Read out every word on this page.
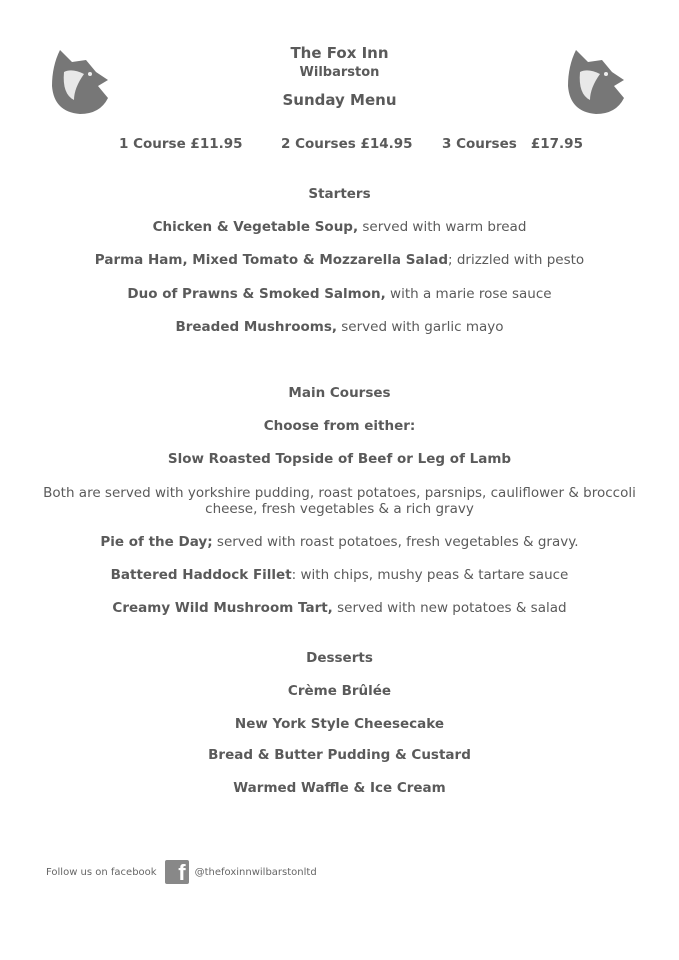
The Fox Inn
Wilbarston
Sunday Menu
1 Course £11.95	2 Courses £14.95 3 Courses   £17.95
Starters
Chicken & Vegetable Soup, served with warm bread
Parma Ham, Mixed Tomato & Mozzarella Salad; drizzled with pesto
Duo of Prawns & Smoked Salmon, with a marie rose sauce
Breaded Mushrooms, served with garlic mayo
Main Courses
Choose from either:
Slow Roasted Topside of Beef or Leg of Lamb
Both are served with yorkshire pudding, roast potatoes, parsnips, cauliflower & broccoli
cheese, fresh vegetables & a rich gravy
Pie of the Day; served with roast potatoes, fresh vegetables & gravy.
Battered Haddock Fillet: with chips, mushy peas & tartare sauce
Creamy Wild Mushroom Tart, served with new potatoes & salad
Desserts
Crème Brûlée
New York Style Cheesecake
Bread & Butter Pudding & Custard
Warmed Waffle & Ice Cream
Follow us on facebook f @thefoxinnwilbarstonltd
